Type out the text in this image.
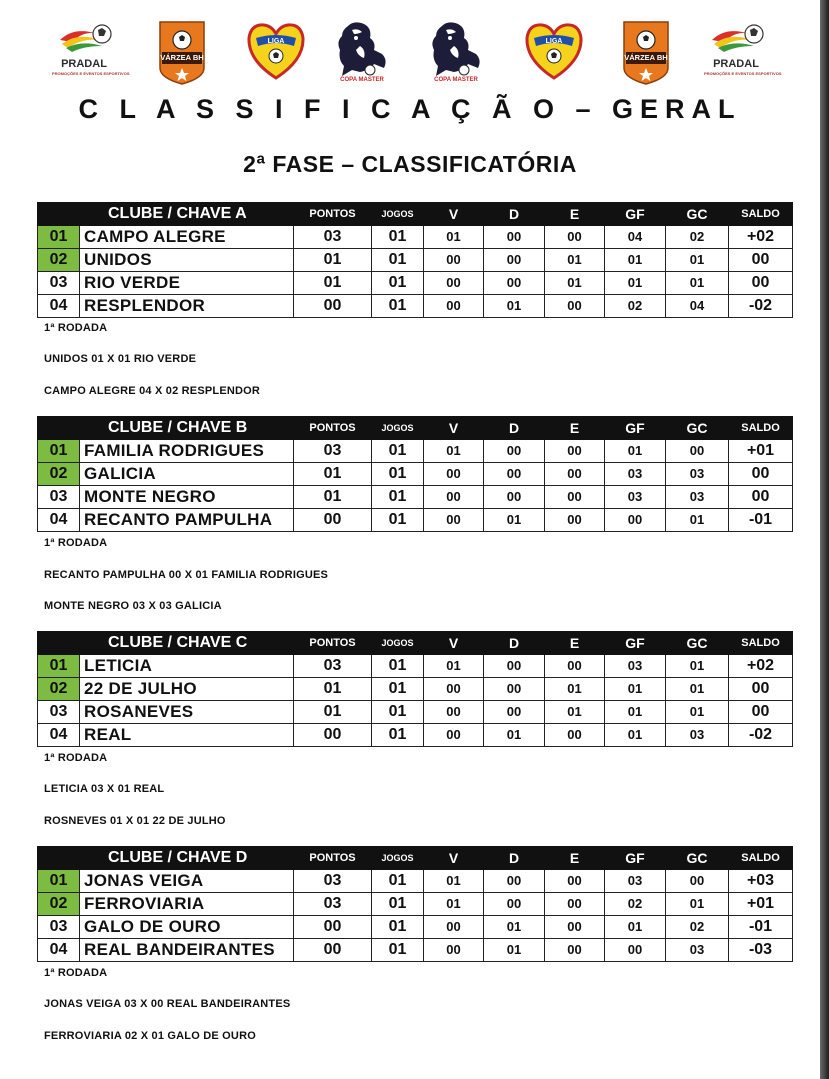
PRADAL
PROMOÇÕES E EVENTOS ESPORTIVOS
VÁRZEA BH
LIGA
COPA MASTER	COPA MASTER
LIGA
VÁRZEA BH
PRADAL
PROMOÇÕES E EVENTOS ESPORTIVOS
C L A S S I F I C A Ç Ã O – GERAL
2ª FASE – CLASSIFICATÓRIA
CLUBE / CHAVE A		PONTOS	JOGOS	V	D	E	GF	GC	SALDO
01	CAMPO ALEGRE	03	01	01	00	00	04	02	+02
02	UNIDOS	01	01	00	00	01	01	01	00
03	RIO VERDE	01	01	00	00	01	01	01	00
04	RESPLENDOR	00	01	00	01	00	02	04	-02
1ª RODADA
UNIDOS 01 X 01 RIO VERDE
CAMPO ALEGRE 04 X 02 RESPLENDOR
CLUBE / CHAVE B		PONTOS	JOGOS	V	D	E	GF	GC	SALDO
01	FAMILIA RODRIGUES	03	01	01	00	00	01	00	+01
02	GALICIA	01	01	00	00	00	03	03	00
03	MONTE NEGRO	01	01	00	00	00	03	03	00
04	RECANTO PAMPULHA	00	01	00	01	00	00	01	-01
1ª RODADA
RECANTO PAMPULHA 00 X 01 FAMILIA RODRIGUES
MONTE NEGRO 03 X 03 GALICIA
CLUBE / CHAVE C		PONTOS	JOGOS	V	D	E	GF	GC	SALDO
01	LETICIA	03	01	01	00	00	03	01	+02
02	22 DE JULHO	01	01	00	00	01	01	01	00
03	ROSANEVES	01	01	00	00	01	01	01	00
04	REAL	00	01	00	01	00	01	03	-02
1ª RODADA
LETICIA 03 X 01 REAL
ROSNEVES 01 X 01 22 DE JULHO
CLUBE / CHAVE D		PONTOS	JOGOS	V	D	E	GF	GC	SALDO
01	JONAS VEIGA	03	01	01	00	00	03	00	+03
02	FERROVIARIA	03	01	01	00	00	02	01	+01
03	GALO DE OURO	00	01	00	01	00	01	02	-01
04	REAL BANDEIRANTES	00	01	00	01	00	00	03	-03
1ª RODADA
JONAS VEIGA 03 X 00 REAL BANDEIRANTES
FERROVIARIA 02 X 01 GALO DE OURO
